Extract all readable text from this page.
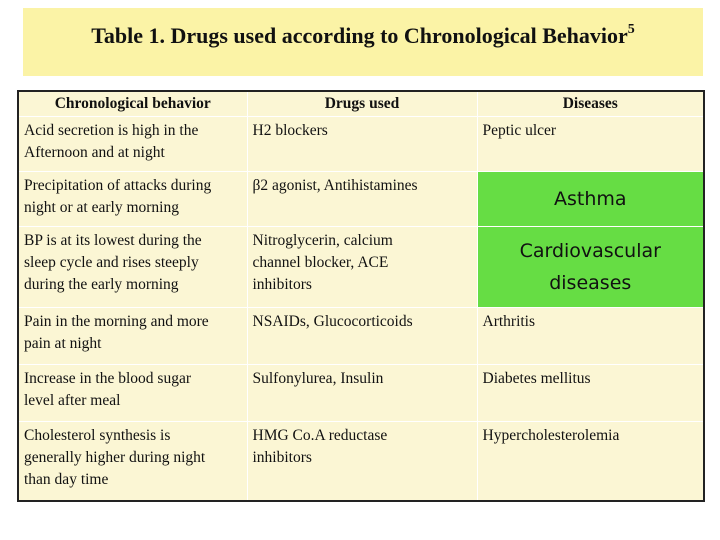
Table 1. Drugs used according to Chronological Behavior$^5$
Chronological behavior	Drugs used	Diseases

Acid secretion is high in the
Afternoon and at night	H2 blockers	Peptic ulcer

Precipitation of attacks during
night or at early morning	β2 agonist, Antihistamines	Asthma

BP is at its lowest during the
sleep cycle and rises steeply
during the early morning	Nitroglycerin, calcium
channel blocker, ACE
inhibitors	Cardiovascular
diseases

Pain in the morning and more
pain at night	NSAIDs, Glucocorticoids	Arthritis

Increase in the blood sugar
level after meal	Sulfonylurea, Insulin	Diabetes mellitus

Cholesterol synthesis is
generally higher during night
than day time	HMG Co.A reductase
inhibitors	Hypercholesterolemia
